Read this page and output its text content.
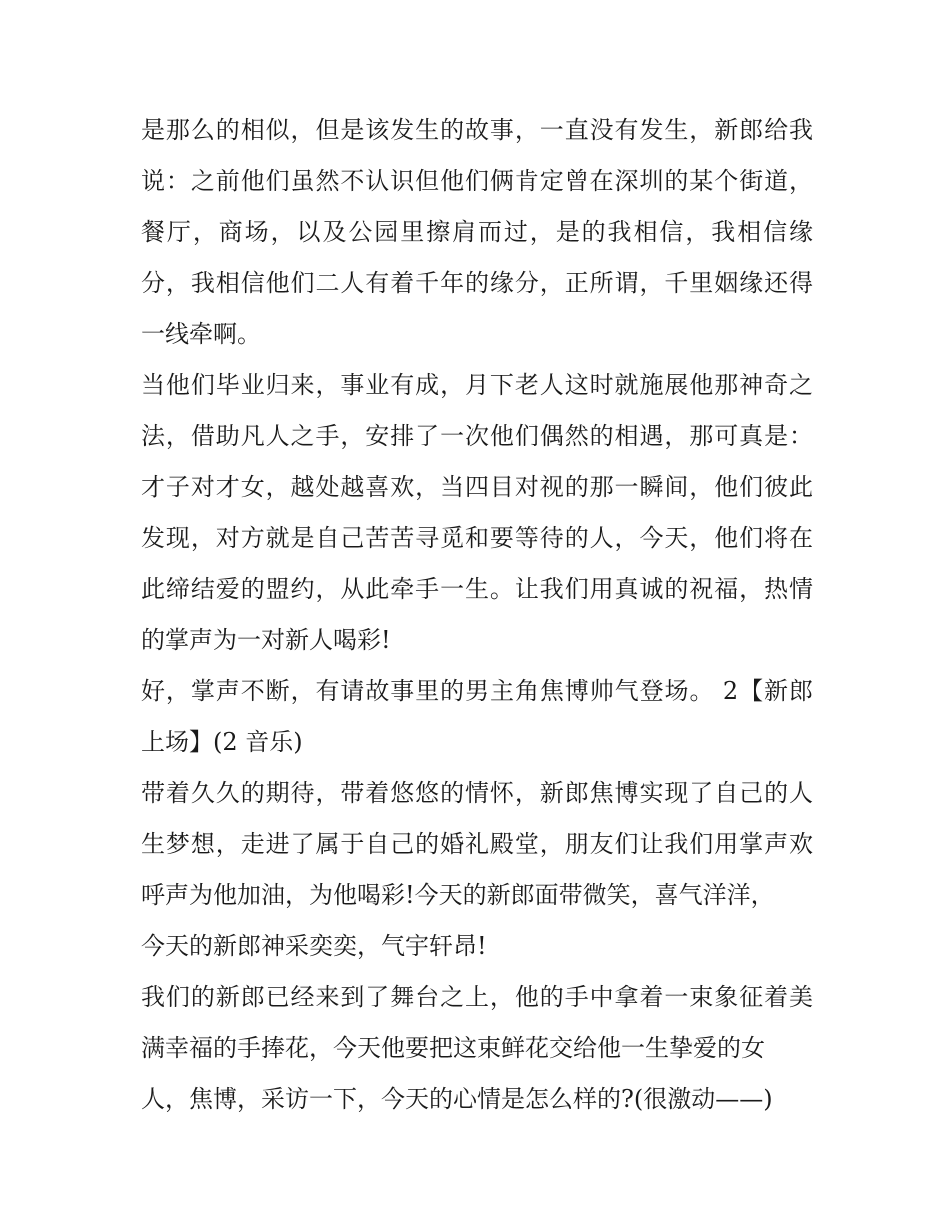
是那么的相似，但是该发生的故事，一直没有发生，新郎给我
说：之前他们虽然不认识但他们俩肯定曾在深圳的某个街道，
餐厅，商场，以及公园里擦肩而过，是的我相信，我相信缘
分，我相信他们二人有着千年的缘分，正所谓，千里姻缘还得
一线牵啊。
当他们毕业归来，事业有成，月下老人这时就施展他那神奇之
法，借助凡人之手，安排了一次他们偶然的相遇，那可真是：
才子对才女，越处越喜欢，当四目对视的那一瞬间，他们彼此
发现，对方就是自己苦苦寻觅和要等待的人，今天，他们将在
此缔结爱的盟约，从此牵手一生。让我们用真诚的祝福，热情
的掌声为一对新人喝彩!
好，掌声不断，有请故事里的男主角焦博帅气登场。 2【新郎
上场】(2 音乐)
带着久久的期待，带着悠悠的情怀，新郎焦博实现了自己的人
生梦想，走进了属于自己的婚礼殿堂，朋友们让我们用掌声欢
呼声为他加油，为他喝彩!今天的新郎面带微笑，喜气洋洋，
今天的新郎神采奕奕，气宇轩昂!
我们的新郎已经来到了舞台之上，他的手中拿着一束象征着美
满幸福的手捧花，今天他要把这束鲜花交给他一生挚爱的女
人，焦博，采访一下，今天的心情是怎么样的?(很激动——)
